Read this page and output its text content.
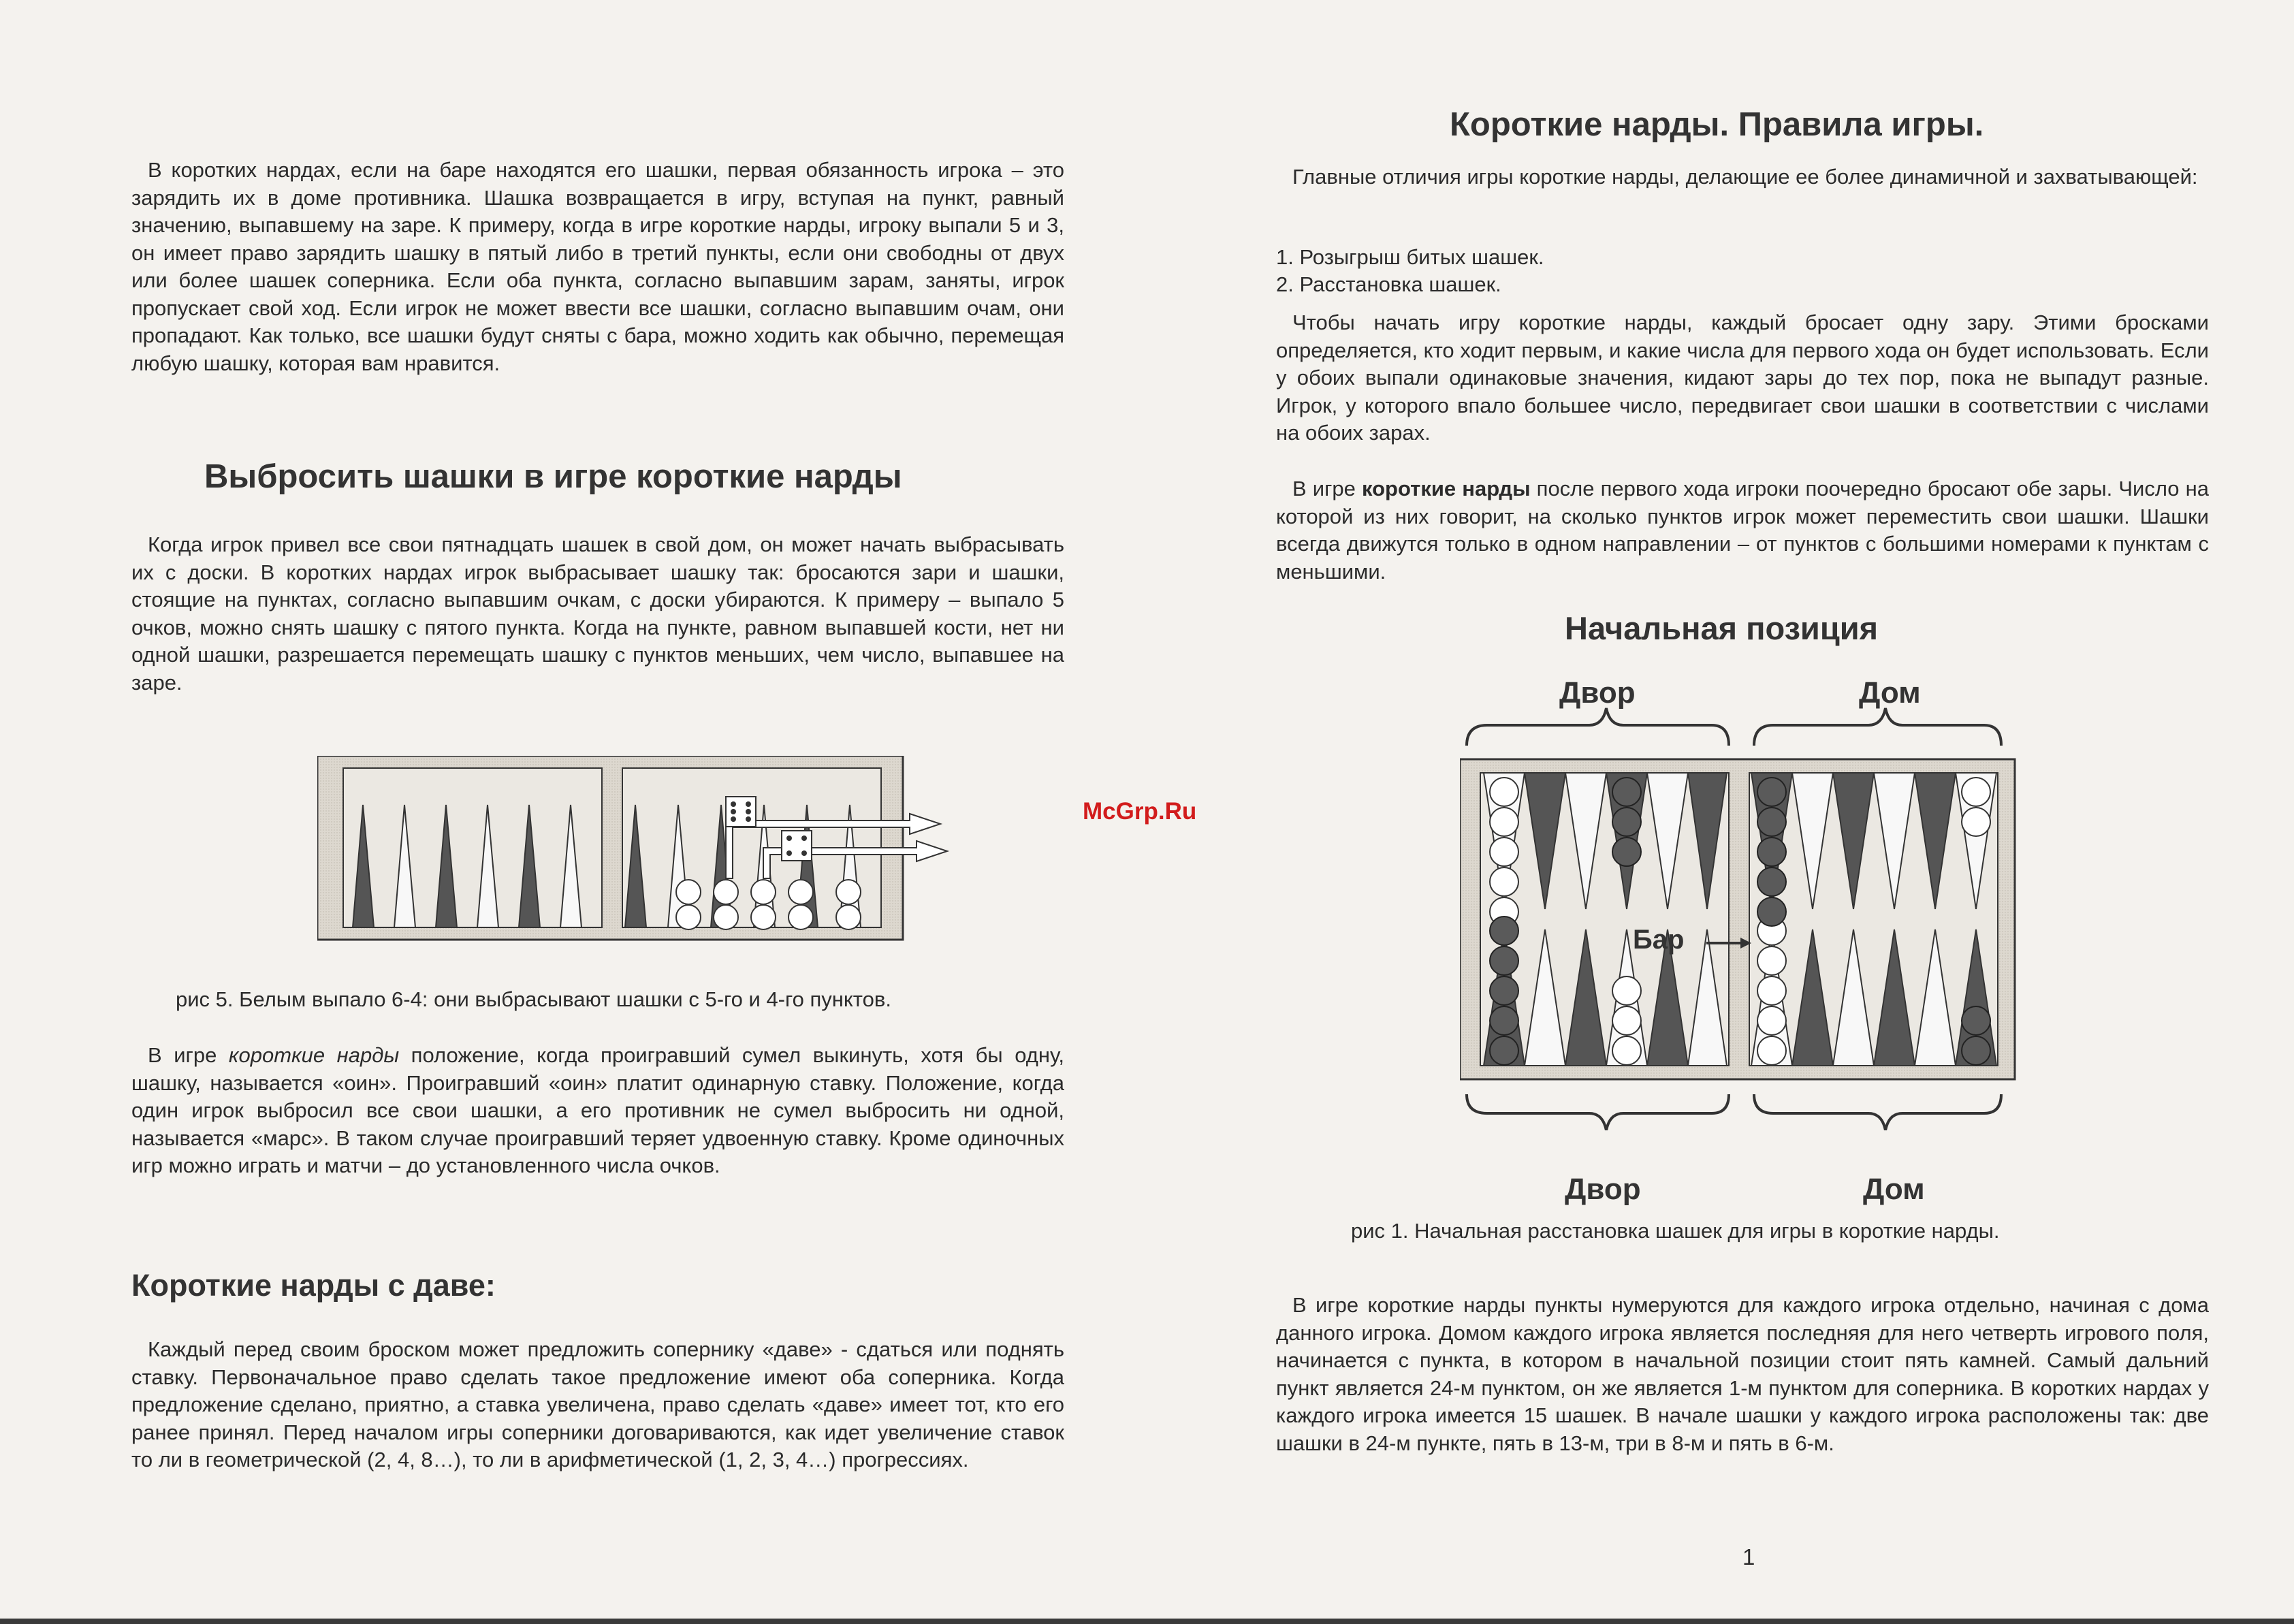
В коротких нардах, если на баре находятся его шашки, первая обязанность игрока – это зарядить их в доме противника. Шашка возвращается в игру, вступая на пункт, равный значению, выпавшему на заре. К примеру, когда в игре короткие нарды, игроку выпали 5 и 3, он имеет право зарядить шашку в пятый либо в третий пункты, если они свободны от двух или более шашек соперника. Если оба пункта, согласно выпавшим зарам, заняты, игрок пропускает свой ход. Если игрок не может ввести все шашки, согласно выпавшим очам, они пропадают. Как только, все шашки будут сняты с бара, можно ходить как обычно, перемещая любую шашку, которая вам нравится.

Выбросить шашки в игре короткие нарды

Когда игрок привел все свои пятнадцать шашек в свой дом, он может начать выбрасывать их с доски. В коротких нардах игрок выбрасывает шашку так: бросаются зари и шашки, стоящие на пунктах, согласно выпавшим очкам, с доски убираются. К примеру – выпало 5 очков, можно снять шашку с пятого пункта. Когда на пункте, равном выпавшей кости, нет ни одной шашки, разрешается перемещать шашку с пунктов меньших, чем число, выпавшее на заре.

рис 5. Белым выпало 6-4: они выбрасывают шашки с 5-го и 4-го пунктов.

В игре короткие нарды положение, когда проигравший сумел выкинуть, хотя бы одну, шашку, называется «оин». Проигравший «оин» платит одинарную ставку. Положение, когда один игрок выбросил все свои шашки, а его противник не сумел выбросить ни одной, называется «марс». В таком случае проигравший теряет удвоенную ставку. Кроме одиночных игр можно играть и матчи – до установленного числа очков.

Короткие нарды с даве:

Каждый перед своим броском может предложить сопернику «даве» - сдаться или поднять ставку. Первоначальное право сделать такое предложение имеют оба соперника. Когда предложение сделано, приятно, а ставка увеличена, право сделать «даве» имеет тот, кто его ранее принял. Перед началом игры соперники договариваются, как идет увеличение ставок то ли в геометрической (2, 4, 8…), то ли в арифметической (1, 2, 3, 4…) прогрессиях.

McGrp.Ru
Короткие нарды. Правила игры.

Главные отличия игры короткие нарды, делающие ее более динамичной и захватывающей:

1. Розыгрыш битых шашек.

2. Расстановка шашек.

Чтобы начать игру короткие нарды, каждый бросает одну зару. Этими бросками определяется, кто ходит первым, и какие числа для первого хода он будет использовать. Если у обоих выпали одинаковые значения, кидают зары до тех пор, пока не выпадут разные. Игрок, у которого впало большее число, передвигает свои шашки в соответствии с числами на обоих зарах.

В игре короткие нарды после первого хода игроки поочередно бросают обе зары. Число на которой из них говорит, на сколько пунктов игрок может переместить свои шашки. Шашки всегда движутся только в одном направлении – от пунктов с большими номерами к пунктам с меньшими.

Начальная позиция
Двор	Дом
Бар
Двор	Дом

рис 1. Начальная расстановка шашек для игры в короткие нарды.

В игре короткие нарды пункты нумеруются для каждого игрока отдельно, начиная с дома данного игрока. Домом каждого игрока является последняя для него четверть игрового поля, начинается с пункта, в котором в начальной позиции стоит пять камней. Самый дальний пункт является 24-м пунктом, он же является 1-м пунктом для соперника. В коротких нардах у каждого игрока имеется 15 шашек. В начале шашки у каждого игрока расположены так: две шашки в 24-м пункте, пять в 13-м, три в 8-м и пять в 6-м.

1
